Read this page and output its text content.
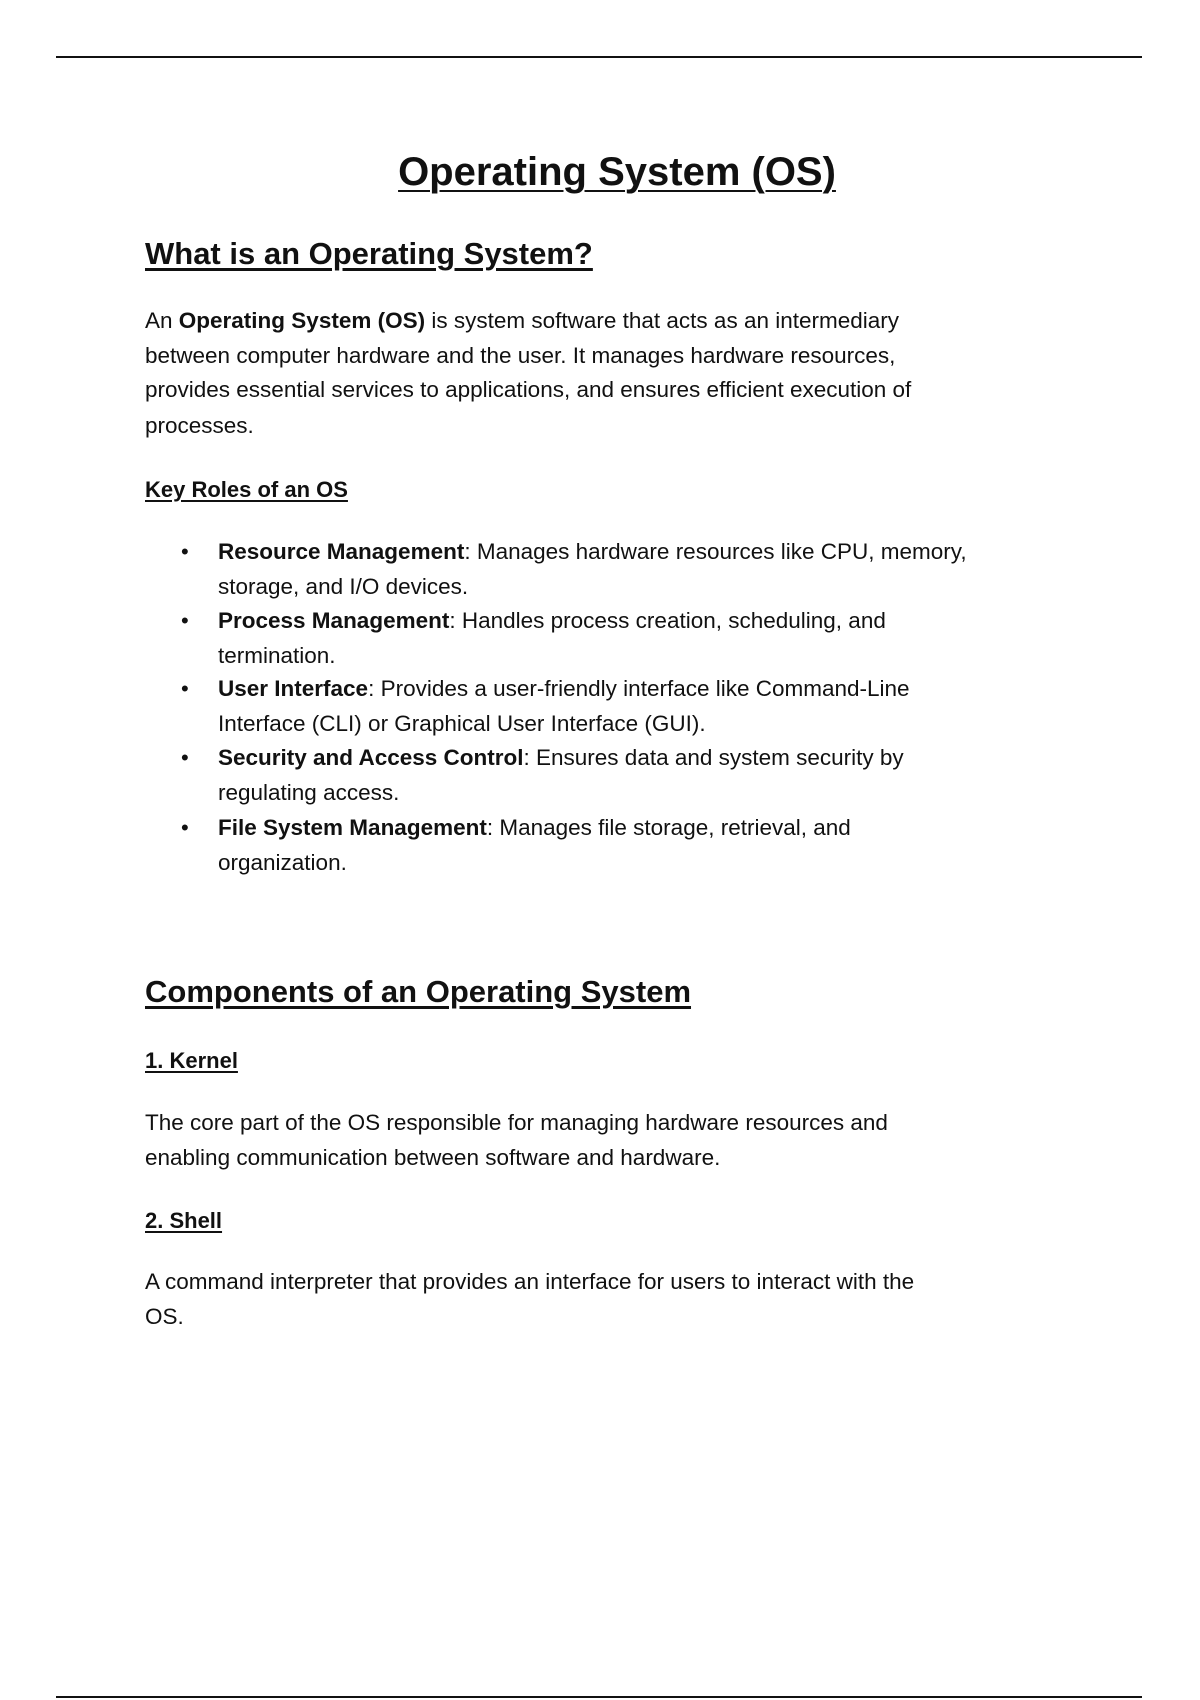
Operating System (OS)
What is an Operating System?
An Operating System (OS) is system software that acts as an intermediary
between computer hardware and the user. It manages hardware resources,
provides essential services to applications, and ensures efficient execution of
processes.
Key Roles of an OS
• Resource Management: Manages hardware resources like CPU, memory,
storage, and I/O devices.
• Process Management: Handles process creation, scheduling, and
termination.
• User Interface: Provides a user-friendly interface like Command-Line
Interface (CLI) or Graphical User Interface (GUI).
• Security and Access Control: Ensures data and system security by
regulating access.
• File System Management: Manages file storage, retrieval, and
organization.
Components of an Operating System
1. Kernel
The core part of the OS responsible for managing hardware resources and
enabling communication between software and hardware.
2. Shell
A command interpreter that provides an interface for users to interact with the
OS.
